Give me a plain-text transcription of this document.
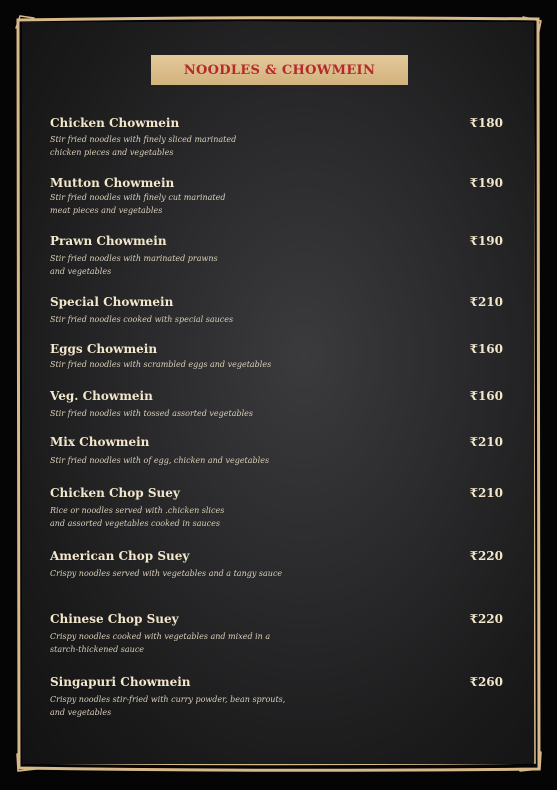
NOODLES & CHOWMEIN
Chicken Chowmein	₹180
Stir fried noodles with finely sliced marinated
chicken pieces and vegetables
Mutton Chowmein	₹190
Stir fried noodles with finely cut marinated
meat pieces and vegetables
Prawn Chowmein	₹190
Stir fried noodles with marinated prawns
and vegetables
Special Chowmein	₹210
Stir fried noodles cooked with special sauces
Eggs Chowmein	₹160
Stir fried noodles with scrambled eggs and vegetables
Veg. Chowmein	₹160
Stir fried noodles with tossed assorted vegetables
Mix Chowmein	₹210
Stir fried noodles with of egg, chicken and vegetables
Chicken Chop Suey	₹210
Rice or noodles served with .chicken slices
and assorted vegetables cooked in sauces
American Chop Suey	₹220
Crispy noodles served with vegetables and a tangy sauce
Chinese Chop Suey	₹220
Crispy noodles cooked with vegetables and mixed in a
starch-thickened sauce
Singapuri Chowmein	₹260
Crispy noodles stir-fried with curry powder, bean sprouts,
and vegetables
